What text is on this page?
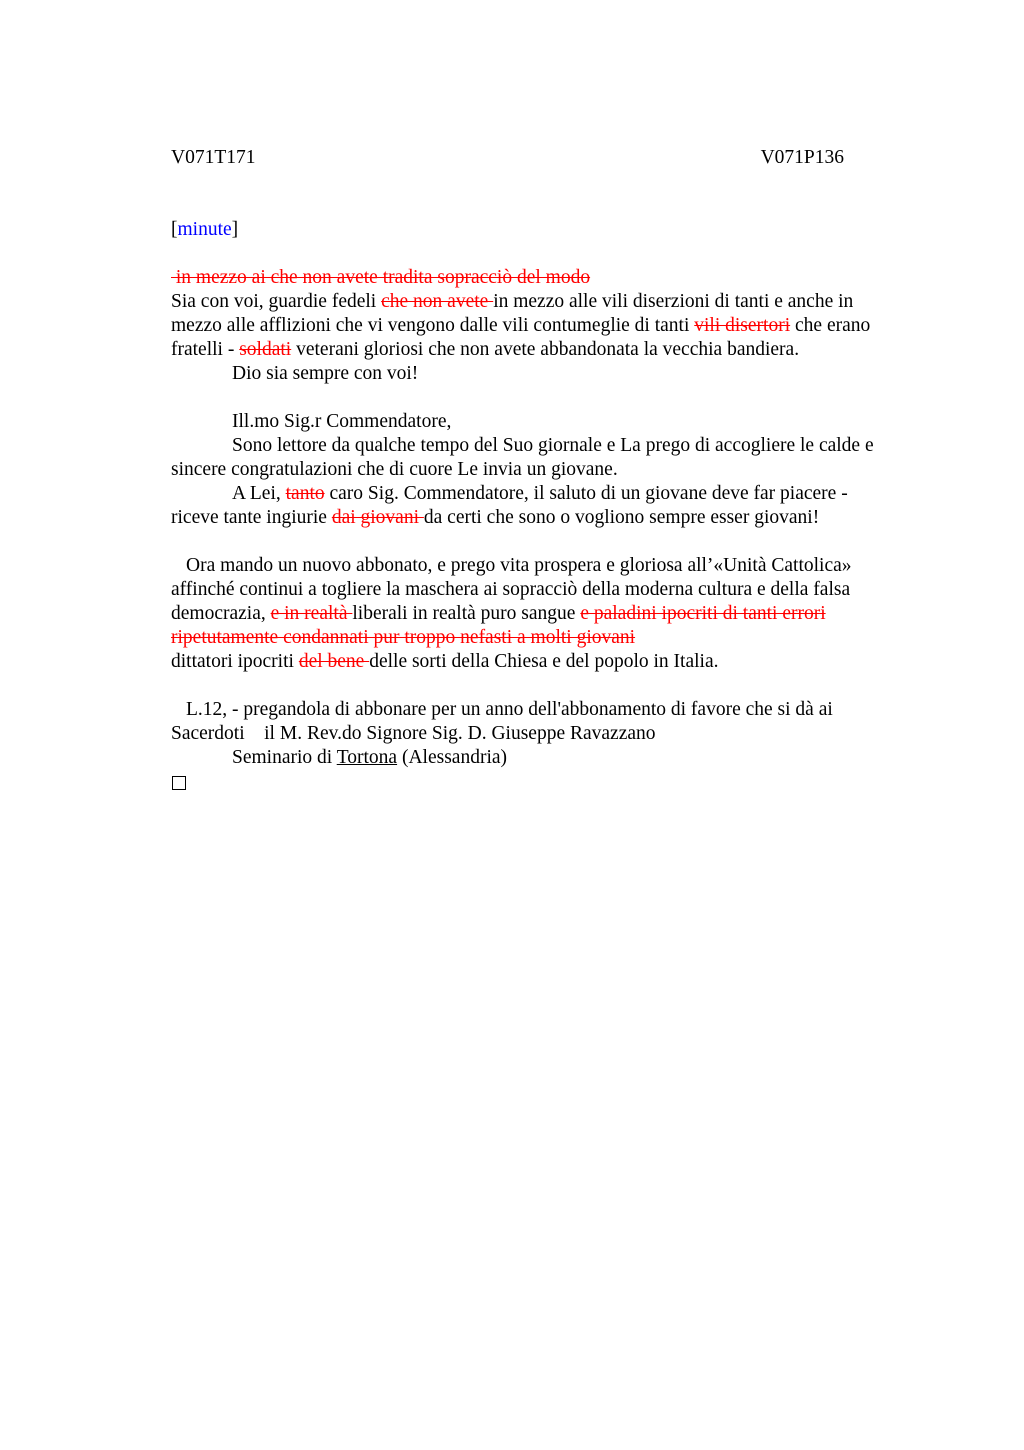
V071T171	V071P136
[minute]
in mezzo ai che non avete tradita sopracciò del modo
Sia con voi, guardie fedeli che non avete in mezzo alle vili diserzioni di tanti e anche in
mezzo alle afflizioni che vi vengono dalle vili contumeglie di tanti vili disertori che erano
fratelli - soldati veterani gloriosi che non avete abbandonata la vecchia bandiera.
Dio sia sempre con voi!
Ill.mo Sig.r Commendatore,
Sono lettore da qualche tempo del Suo giornale e La prego di accogliere le calde e
sincere congratulazioni che di cuore Le invia un giovane.
A Lei, tanto caro Sig. Commendatore, il saluto di un giovane deve far piacere -
riceve tante ingiurie dai giovani da certi che sono o vogliono sempre esser giovani!
Ora mando un nuovo abbonato, e prego vita prospera e gloriosa all’«Unità Cattolica»
affinché continui a togliere la maschera ai sopracciò della moderna cultura e della falsa
democrazia, e in realtà liberali in realtà puro sangue e paladini ipocriti di tanti errori
ripetutamente condannati pur troppo nefasti a molti giovani
dittatori ipocriti del bene delle sorti della Chiesa e del popolo in Italia.
L.12, - pregandola di abbonare per un anno dell'abbonamento di favore che si dà ai
Sacerdoti    il M. Rev.do Signore Sig. D. Giuseppe Ravazzano
Seminario di Tortona (Alessandria)
